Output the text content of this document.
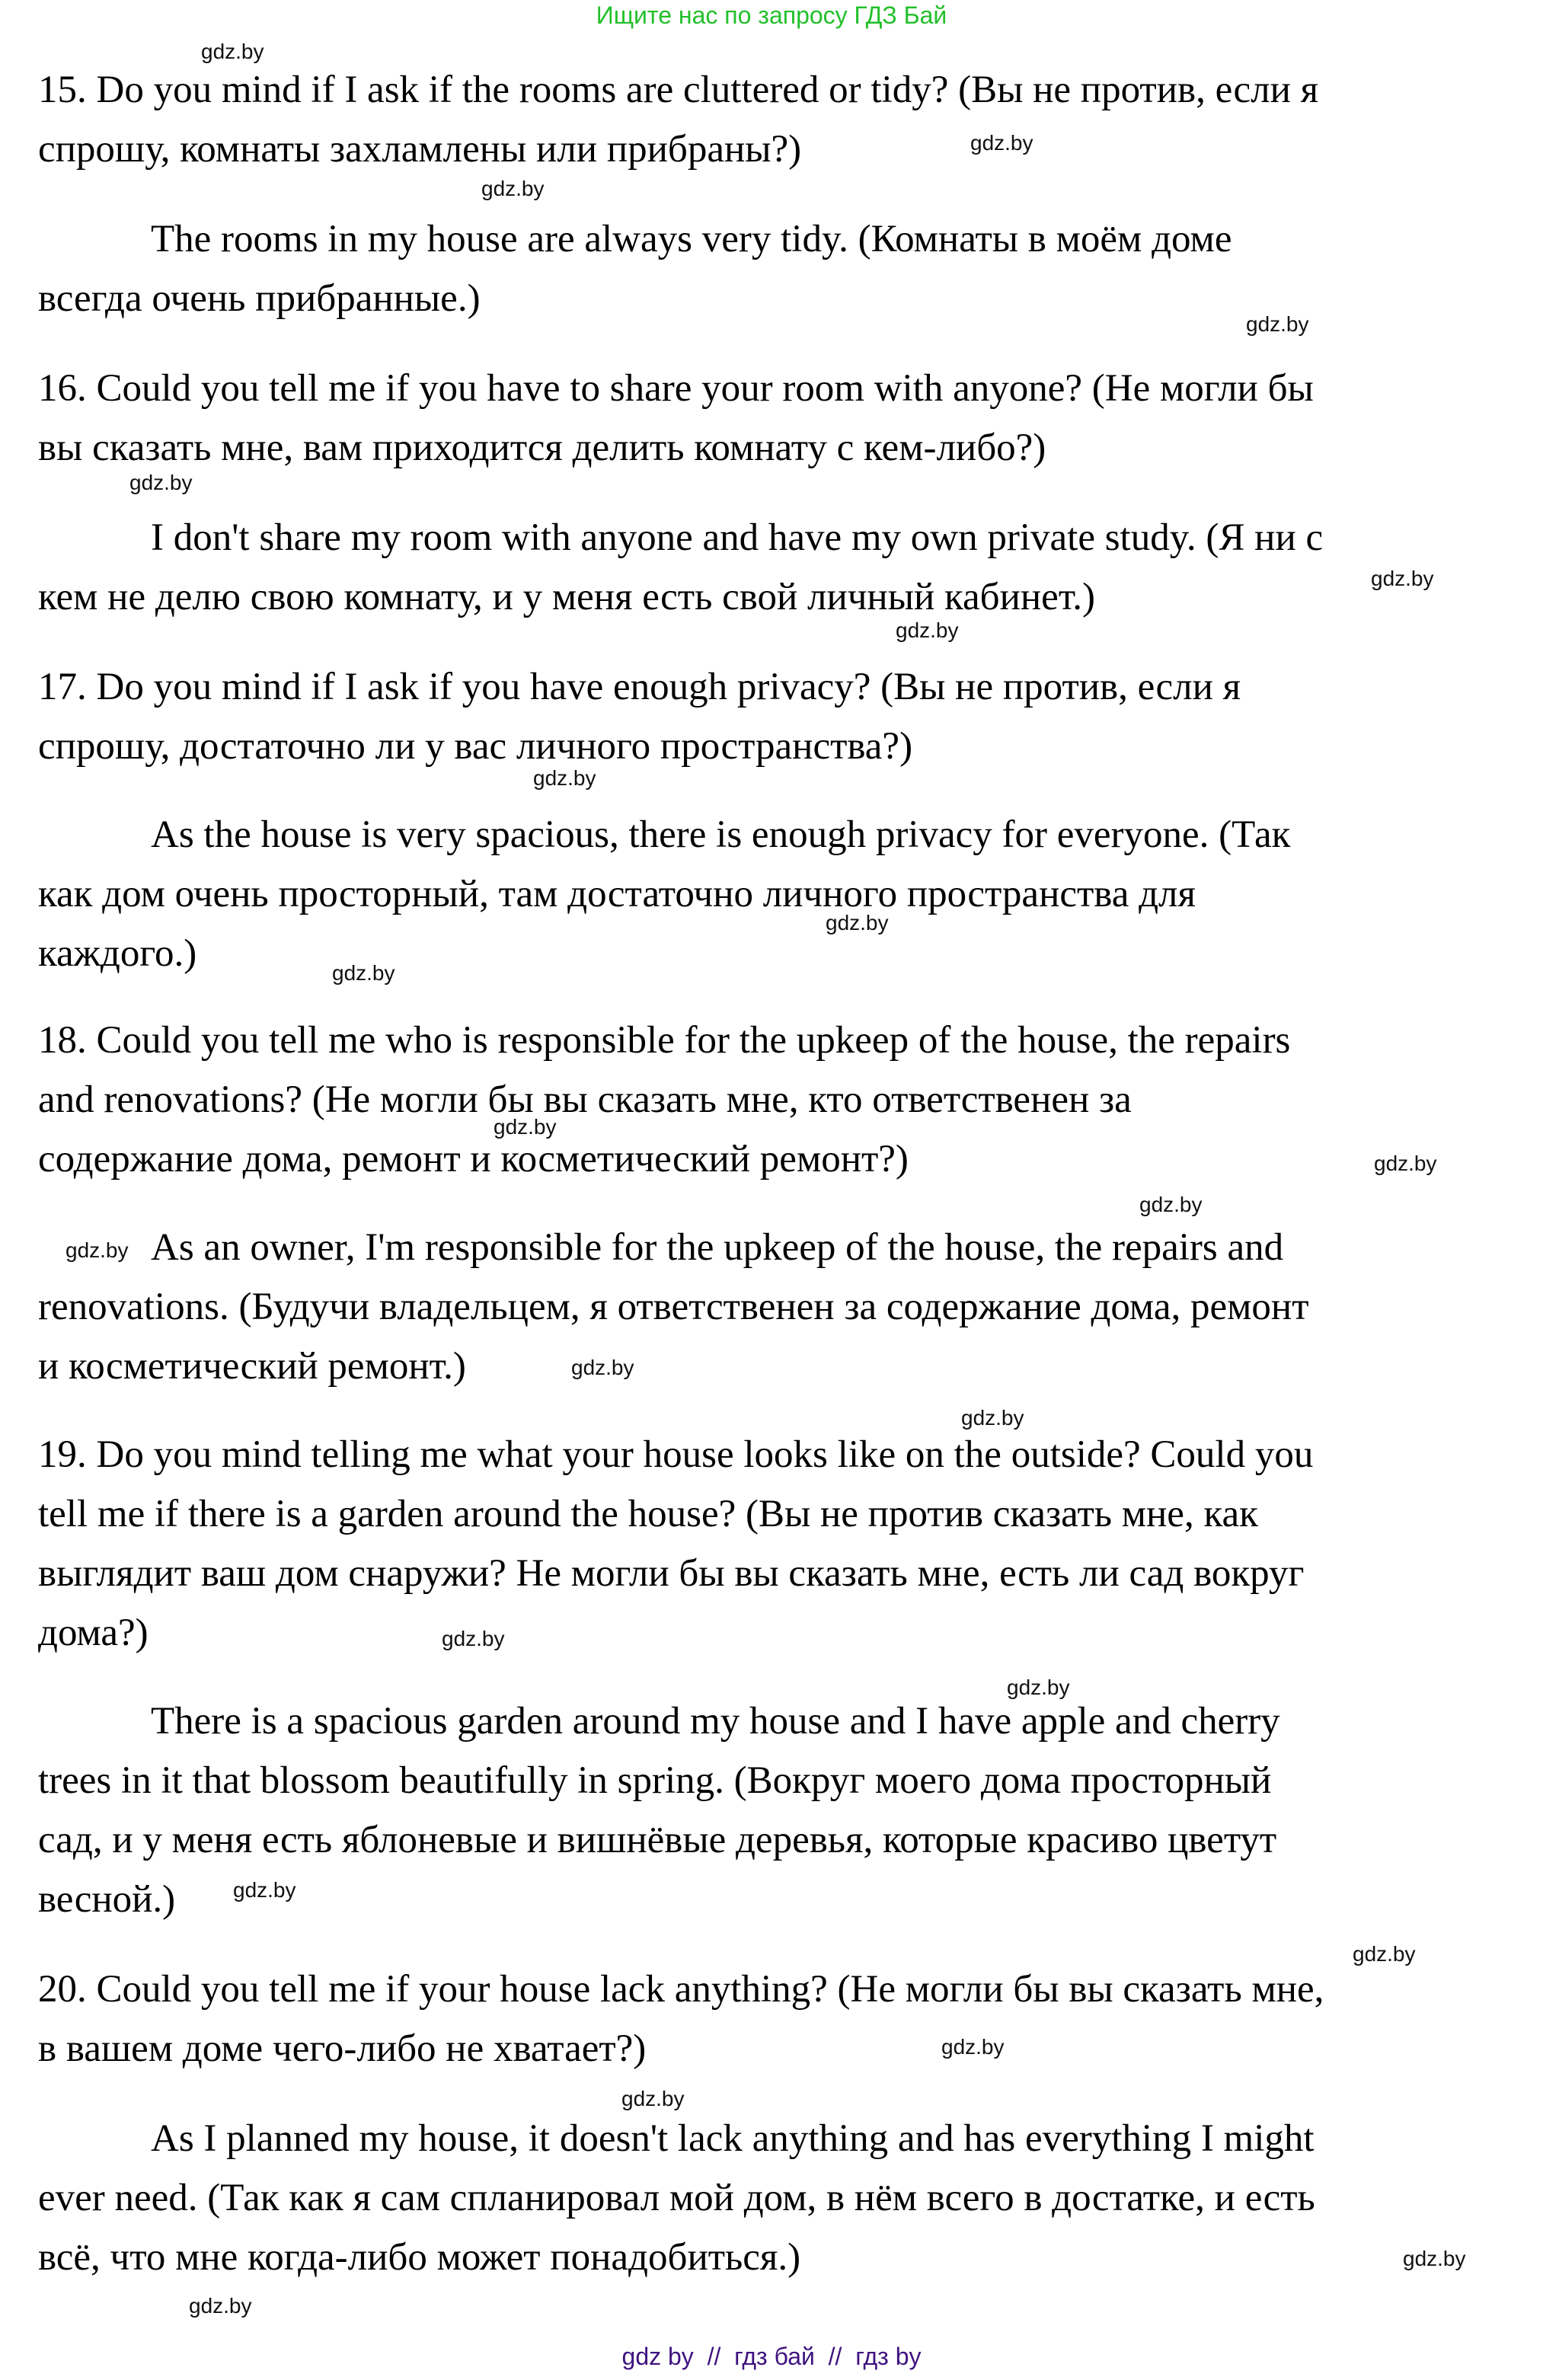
Ищите нас по запросу ГДЗ Бай
gdz.by
15. Do you mind if I ask if the rooms are cluttered or tidy? (Вы не против, если я
спрошу, комнаты захламлены или прибраны?)	gdz.by
gdz.by
The rooms in my house are always very tidy. (Комнаты в моём доме
всегда очень прибранные.)
gdz.by
16. Could you tell me if you have to share your room with anyone? (Не могли бы
вы сказать мне, вам приходится делить комнату с кем-либо?)
gdz.by
I don't share my room with anyone and have my own private study. (Я ни с
gdz.by
кем не делю свою комнату, и у меня есть свой личный кабинет.)
gdz.by
17. Do you mind if I ask if you have enough privacy? (Вы не против, если я
спрошу, достаточно ли у вас личного пространства?)
gdz.by
As the house is very spacious, there is enough privacy for everyone. (Так
как дом очень просторный, там достаточно личного пространства для
gdz.by
каждого.)	gdz.by
18. Could you tell me who is responsible for the upkeep of the house, the repairs
and renovations? (Не могли бы вы сказать мне, кто ответственен за
gdz.by
содержание дома, ремонт и косметический ремонт?)	gdz.by
gdz.by
gdz.by As an owner, I'm responsible for the upkeep of the house, the repairs and
renovations. (Будучи владельцем, я ответственен за содержание дома, ремонт
и косметический ремонт.)	gdz.by
gdz.by
19. Do you mind telling me what your house looks like on the outside? Could you
tell me if there is a garden around the house? (Вы не против сказать мне, как
выглядит ваш дом снаружи? Не могли бы вы сказать мне, есть ли сад вокруг
дома?)	gdz.by
gdz.by
There is a spacious garden around my house and I have apple and cherry
trees in it that blossom beautifully in spring. (Вокруг моего дома просторный
сад, и у меня есть яблоневые и вишнёвые деревья, которые красиво цветут
gdz.by
весной.)
gdz.by
20. Could you tell me if your house lack anything? (Не могли бы вы сказать мне,
в вашем доме чего-либо не хватает?)	gdz.by
gdz.by
As I planned my house, it doesn't lack anything and has everything I might
ever need. (Так как я сам спланировал мой дом, в нём всего в достатке, и есть
всё, что мне когда-либо может понадобиться.)	gdz.by
gdz.by
gdz by  //  гдз бай  //  гдз by
